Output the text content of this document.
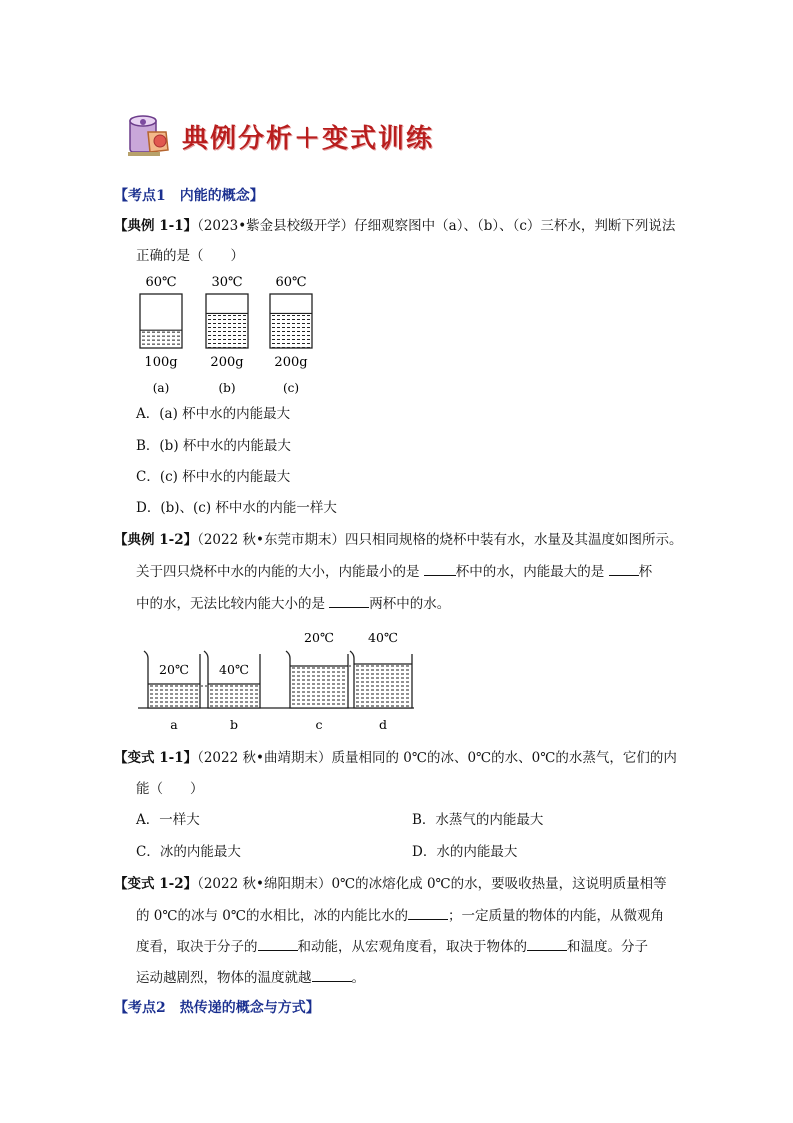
典例分析＋变式训练
【考点1　内能的概念】
【典例 1-1】（2023•紫金县校级开学）仔细观察图中（a）、（b）、（c）三杯水，判断下列说法
正确的是（　　）
60℃
100g
(a)
30℃
200g
(b)
60℃
200g
(c)
A．(a) 杯中水的内能最大
B．(b) 杯中水的内能最大
C．(c) 杯中水的内能最大
D．(b)、(c) 杯中水的内能一样大
【典例 1-2】（2022 秋•东莞市期末）四只相同规格的烧杯中装有水，水量及其温度如图所示。
关于四只烧杯中水的内能的大小，内能最小的是	杯中的水，内能最大的是	杯
中的水，无法比较内能大小的是	两杯中的水。
20℃
a
40℃
b
20℃
c
40℃
d
【变式 1-1】（2022 秋•曲靖期末）质量相同的 0℃的冰、0℃的水、0℃的水蒸气，它们的内
能（　　）
A．一样大	B．水蒸气的内能最大
C．冰的内能最大	D．水的内能最大
【变式 1-2】（2022 秋•绵阳期末）0℃的冰熔化成 0℃的水，要吸收热量，这说明质量相等
的 0℃的冰与 0℃的水相比，冰的内能比水的	；一定质量的物体的内能，从微观角
度看，取决于分子的	和动能，从宏观角度看，取决于物体的	和温度。分子
运动越剧烈，物体的温度就越	。
【考点2　热传递的概念与方式】
